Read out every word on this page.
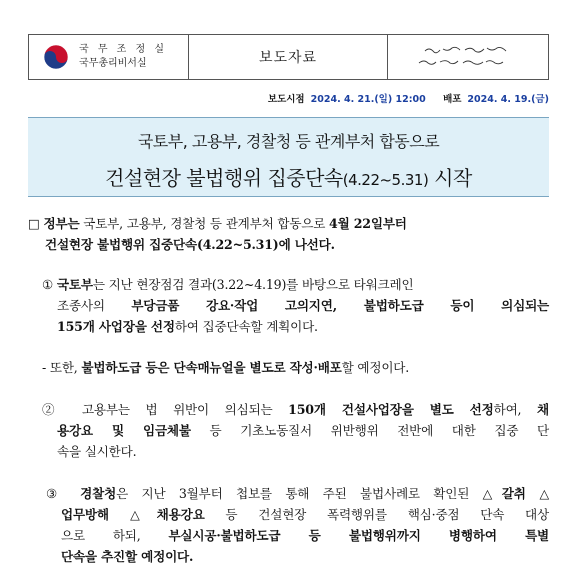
국 무 조 정 실
국무총리비서실	보도자료
보도시점 2024. 4. 21.(일) 12:00 배포 2024. 4. 19.(금)
국토부, 고용부, 경찰청 등 관계부처 합동으로
건설현장 불법행위 집중단속(4.22~5.31) 시작
□ 정부는 국토부, 고용부, 경찰청 등 관계부처 합동으로 4월 22일부터
건설현장 불법행위 집중단속(4.22~5.31)에 나선다.
① 국토부는 지난 현장점검 결과(3.22~4.19)를 바탕으로 타워크레인
조종사의 부당금품 강요·작업 고의지연, 불법하도급 등이 의심되는
155개 사업장을 선정하여 집중단속할 계획이다.
- 또한, 불법하도급 등은 단속매뉴얼을 별도로 작성·배포할 예정이다.
② 고용부는 법 위반이 의심되는 150개 건설사업장을 별도 선정하여, 채
용강요 및 임금체불 등 기초노동질서 위반행위 전반에 대한 집중 단
속을 실시한다.
③ 경찰청은 지난 3월부터 첩보를 통해 주된 불법사례로 확인된 △갈취 △
업무방해 △채용강요 등 건설현장 폭력행위를 핵심·중점 단속 대상
으로 하되, 부실시공·불법하도급 등 불법행위까지 병행하여 특별
단속을 추진할 예정이다.
